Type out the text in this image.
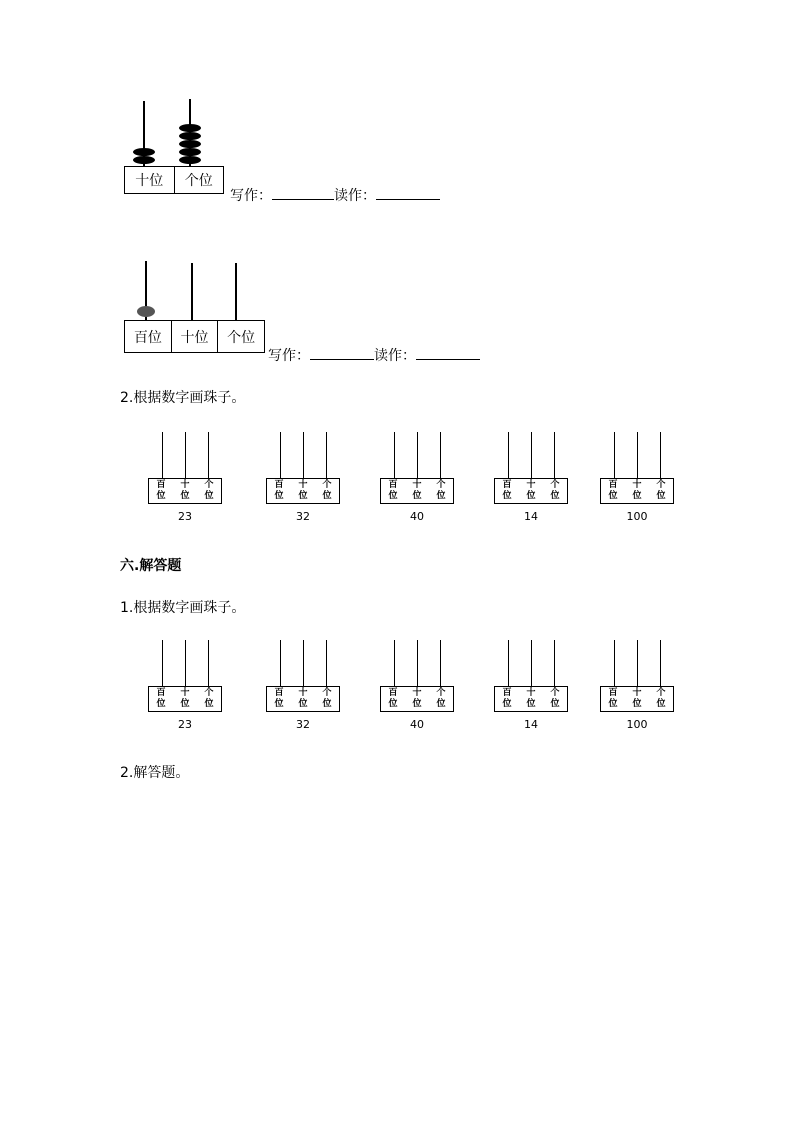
十位	个位
写作：	读作：
百位	十位	个位
写作：	读作：
2.根据数字画珠子。
百
位
十
位
个
位
23
百
位
十
位
个
位
32
百
位
十
位
个
位
40
百
位
十
位
个
位
14
百
位
十
位
个
位
100
六.解答题
1.根据数字画珠子。
百
位
十
位
个
位
23
百
位
十
位
个
位
32
百
位
十
位
个
位
40
百
位
十
位
个
位
14
百
位
十
位
个
位
100
2.解答题。
